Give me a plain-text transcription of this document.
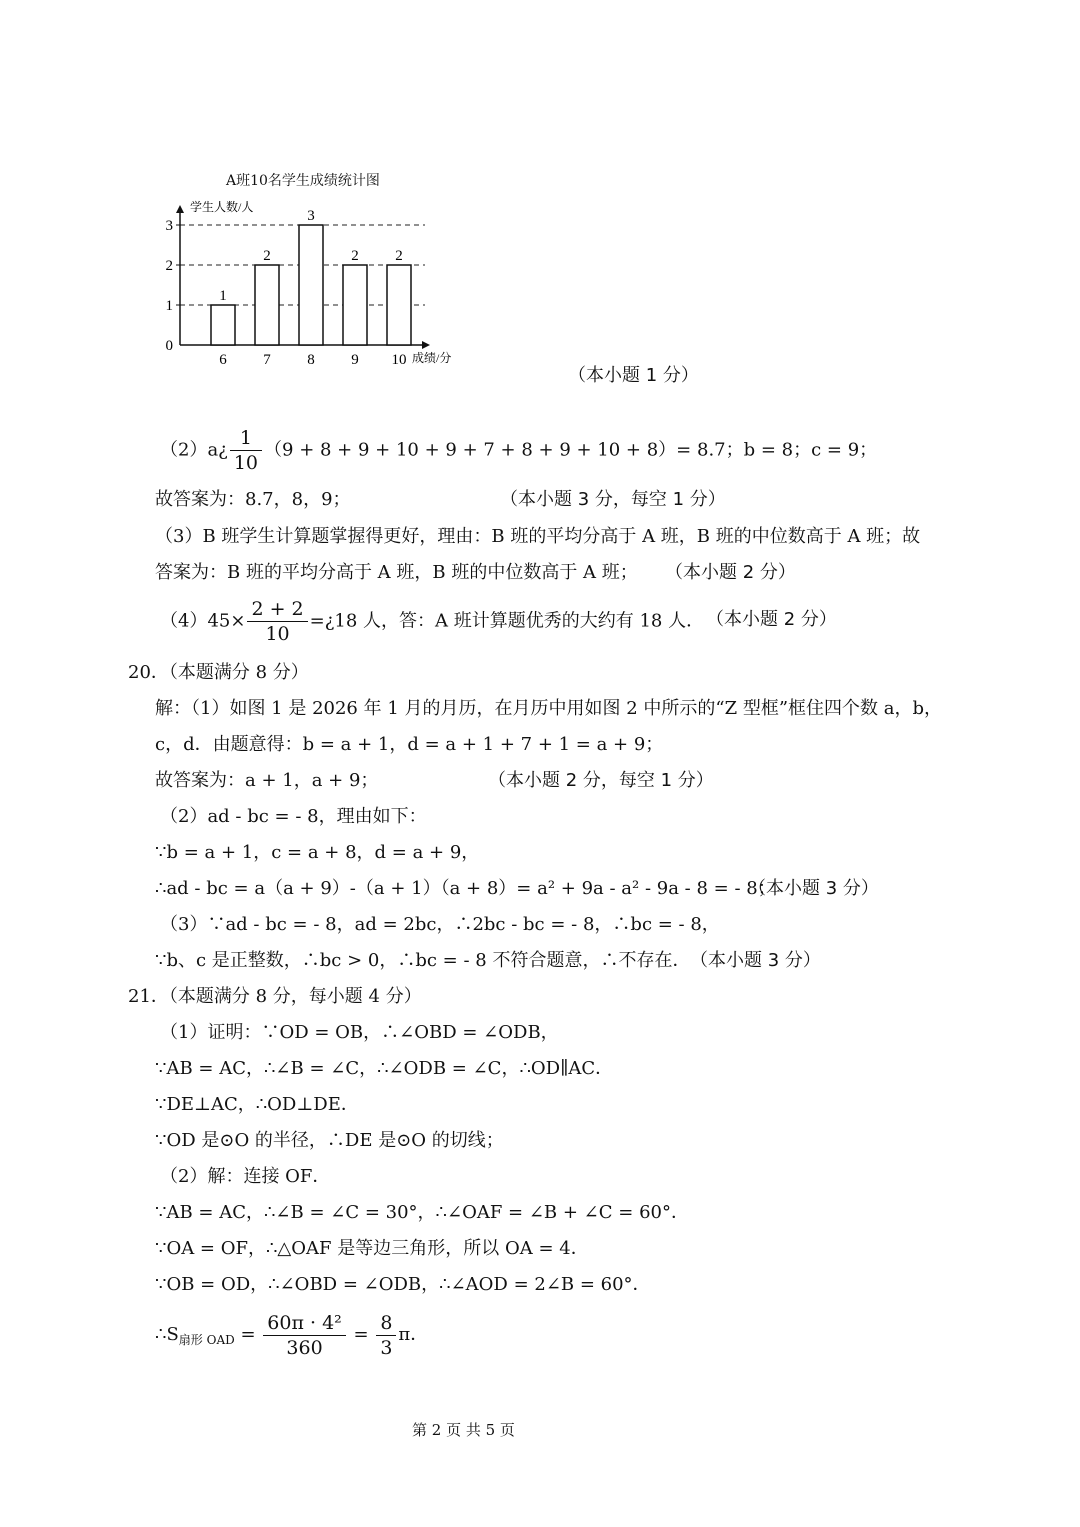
A班10名学生成绩统计图
学生人数/人
成绩/分
0
1
2
3
1
6
2
7
3
8
2
9
2
10
（本小题 1 分）
（2）a¿ $\frac{1}{10} (9 + 8 + 9 + 10 + 9 + 7 + 8 + 9 + 10 + 8)= 8.7$；b = 8；c = 9；
故答案为：8.7，8，9；	（本小题 3 分，每空 1 分）
（3）B 班学生计算题掌握得更好，理由：B 班的平均分高于 A 班，B 班的中位数高于 A 班；故
答案为：B 班的平均分高于 A 班，B 班的中位数高于 A 班； （本小题 2 分）
$(4)45\times \frac{2 + 2}{10}$ =¿18 人，答：A 班计算题优秀的大约有 18 人． （本小题 2 分）
20．（本题满分 8 分）
解：（1）如图 1 是 2026 年 1 月的月历，在月历中用如图 2 中所示的“Z 型框”框住四个数 a，b，
c，d．由题意得：b = a + 1，d = a + 1 + 7 + 1 = a + 9；
故答案为：a + 1，a + 9；	（本小题 2 分，每空 1 分）
（2）ad - bc = - 8，理由如下：
∵b = a + 1，c = a + 8，d = a + 9，
∴ad - bc = a（a + 9）-（a + 1）（a + 8）= a² + 9a - a² - 9a - 8 = - 8；
（本小题 3 分）
（3）∵ad - bc = - 8，ad = 2bc，∴2bc - bc = - 8，∴bc = - 8，
∵b、c 是正整数，∴bc > 0，∴bc = - 8 不符合题意，∴不存在． （本小题 3 分）
21．（本题满分 8 分，每小题 4 分）
（1）证明：∵OD = OB，∴∠OBD = ∠ODB，
∵AB = AC，∴∠B = ∠C，∴∠ODB = ∠C，∴OD∥AC．
∵DE⊥AC，∴OD⊥DE．
∵OD 是⊙O 的半径，∴DE 是⊙O 的切线；
（2）解：连接 OF．
∵AB = AC，∴∠B = ∠C = 30°，∴∠OAF = ∠B + ∠C = 60°．
∵OA = OF，∴△OAF 是等边三角形，所以 OA = 4．
∵OB = OD，∴∠OBD = ∠ODB，∴∠AOD = 2∠B = 60°．
$\therefore S_{扇形 OAD} = \frac{\text{60π · 4²}}{360} = \frac{8}{3}$ π．
第 2 页 共 5 页
